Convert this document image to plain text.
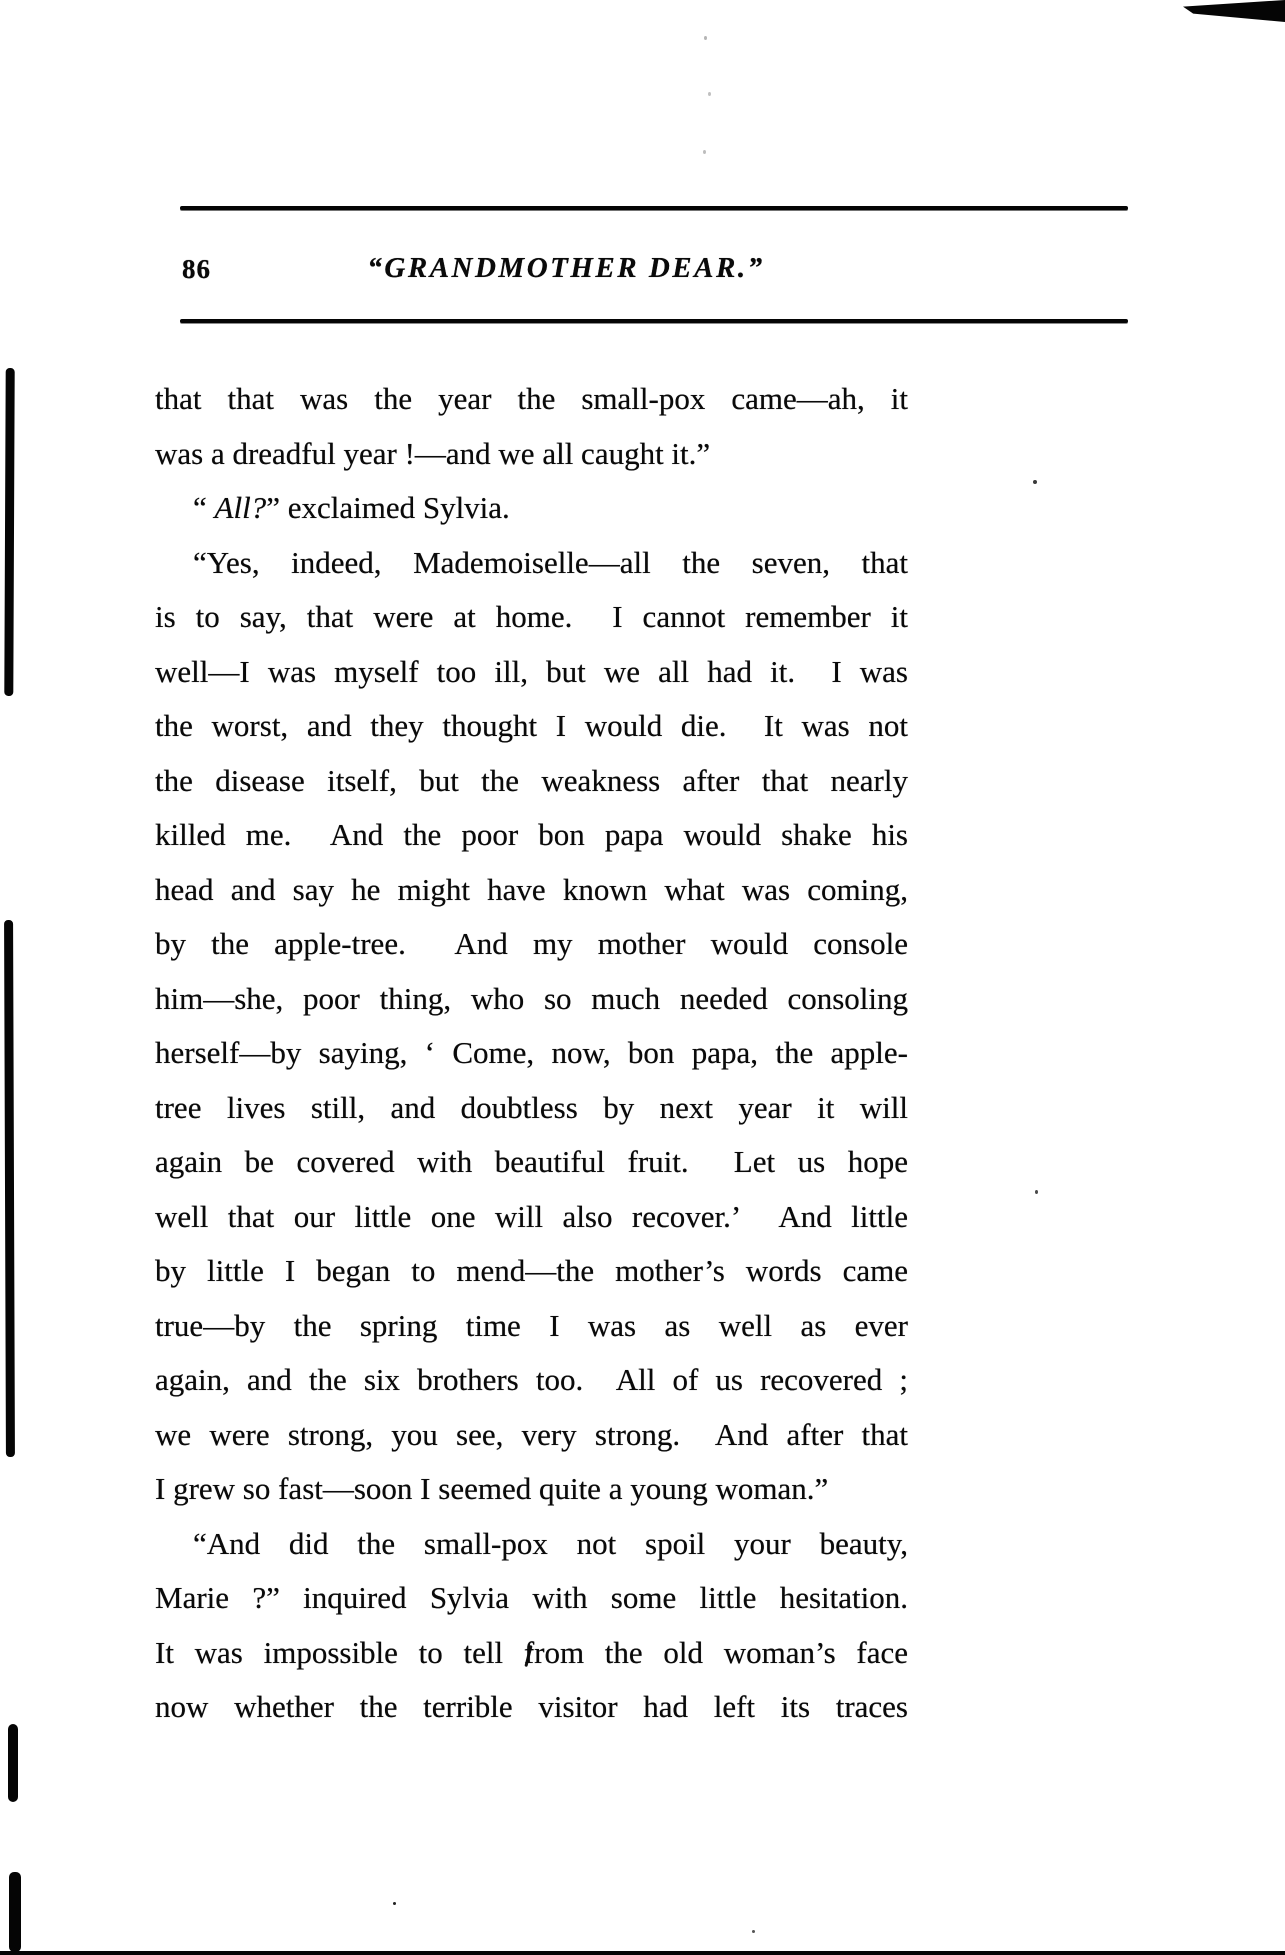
86	“GRANDMOTHER DEAR.”
that that was the year the small-pox came—ah, it
was a dreadful year !—and we all caught it.”
“ All?” exclaimed Sylvia.
“Yes, indeed, Mademoiselle—all the seven, that
is to say, that were at home.  I cannot remember it
well—I was myself too ill, but we all had it.  I was
the worst, and they thought I would die.  It was not
the disease itself, but the weakness after that nearly
killed me.  And the poor bon papa would shake his
head and say he might have known what was coming,
by the apple-tree.  And my mother would console
him—she, poor thing, who so much needed consoling
herself—by saying, ‘ Come, now, bon papa, the apple-
tree lives still, and doubtless by next year it will
again be covered with beautiful fruit.  Let us hope
well that our little one will also recover.’  And little
by little I began to mend—the mother’s words came
true—by the spring time I was as well as ever
again, and the six brothers too.  All of us recovered ;
we were strong, you see, very strong.  And after that
I grew so fast—soon I seemed quite a young woman.”
“And did the small-pox not spoil your beauty,
Marie ?” inquired Sylvia with some little hesitation.
It was impossible to tell from the old woman’s face
now whether the terrible visitor had left its traces
